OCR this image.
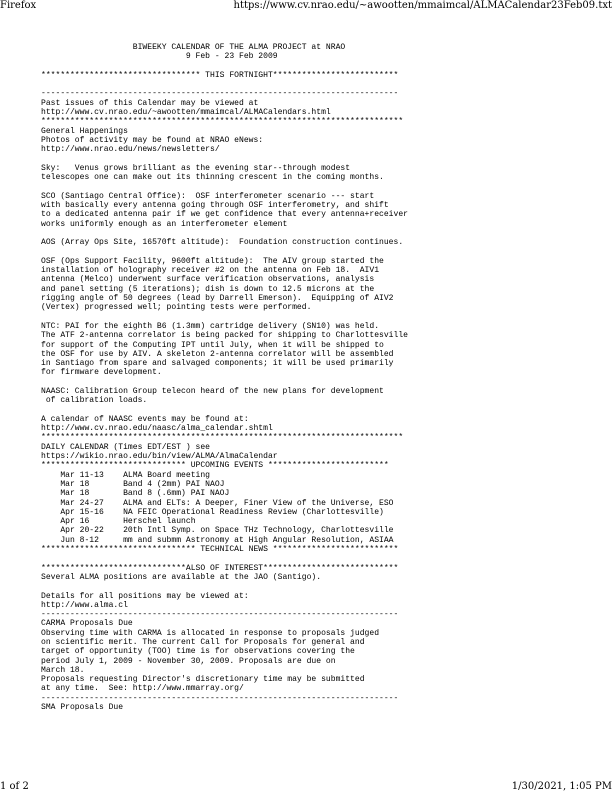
Firefox	https://www.cv.nrao.edu/~awootten/mmaimcal/ALMACalendar23Feb09.txt
BIWEEKY CALENDAR OF THE ALMA PROJECT at NRAO
9 Feb - 23 Feb 2009

********************************* THIS FORTNIGHT**************************

--------------------------------------------------------------------------
Past issues of this Calendar may be viewed at
http://www.cv.nrao.edu/~awootten/mmaimcal/ALMACalendars.html
***************************************************************************
General Happenings
Photos of activity may be found at NRAO eNews:
http://www.nrao.edu/news/newsletters/

Sky:   Venus grows brilliant as the evening star--through modest
telescopes one can make out its thinning crescent in the coming months.

SCO (Santiago Central Office):  OSF interferometer scenario --- start
with basically every antenna going through OSF interferometry, and shift
to a dedicated antenna pair if we get confidence that every antenna+receiver
works uniformly enough as an interferometer element

AOS (Array Ops Site, 16570ft altitude):  Foundation construction continues.

OSF (Ops Support Facility, 9600ft altitude):  The AIV group started the
installation of holography receiver #2 on the antenna on Feb 18.  AIV1
antenna (Melco) underwent surface verification observations, analysis
and panel setting (5 iterations); dish is down to 12.5 microns at the
rigging angle of 50 degrees (lead by Darrell Emerson).  Equipping of AIV2
(Vertex) progressed well; pointing tests were performed.

NTC: PAI for the eighth B6 (1.3mm) cartridge delivery (SN10) was held.
The ATF 2-antenna correlator is being packed for shipping to Charlottesville
for support of the Computing IPT until July, when it will be shipped to
the OSF for use by AIV. A skeleton 2-antenna correlator will be assembled
in Santiago from spare and salvaged components; it will be used primarily
for firmware development.

NAASC: Calibration Group telecon heard of the new plans for development
of calibration loads.

A calendar of NAASC events may be found at:
http://www.cv.nrao.edu/naasc/alma_calendar.shtml
***************************************************************************
DAILY CALENDAR (Times EDT/EST ) see
https://wikio.nrao.edu/bin/view/ALMA/AlmaCalendar
****************************** UPCOMING EVENTS *************************
Mar 11-13    ALMA Board meeting
Mar 18       Band 4 (2mm) PAI NAOJ
Mar 18       Band 8 (.6mm) PAI NAOJ
Mar 24-27    ALMA and ELTs: A Deeper, Finer View of the Universe, ESO
Apr 15-16    NA FEIC Operational Readiness Review (Charlottesville)
Apr 16       Herschel launch
Apr 20-22    20th Intl Symp. on Space THz Technology, Charlottesville
Jun 8-12     mm and submm Astronomy at High Angular Resolution, ASIAA
******************************** TECHNICAL NEWS **************************

******************************ALSO OF INTEREST****************************
Several ALMA positions are available at the JAO (Santigo).

Details for all positions may be viewed at:
http://www.alma.cl
--------------------------------------------------------------------------
CARMA Proposals Due
Observing time with CARMA is allocated in response to proposals judged
on scientific merit. The current Call for Proposals for general and
target of opportunity (TOO) time is for observations covering the
period July 1, 2009 - November 30, 2009. Proposals are due on
March 18.
Proposals requesting Director's discretionary time may be submitted
at any time.  See: http://www.mmarray.org/
--------------------------------------------------------------------------
SMA Proposals Due
1 of 2	1/30/2021, 1:05 PM
